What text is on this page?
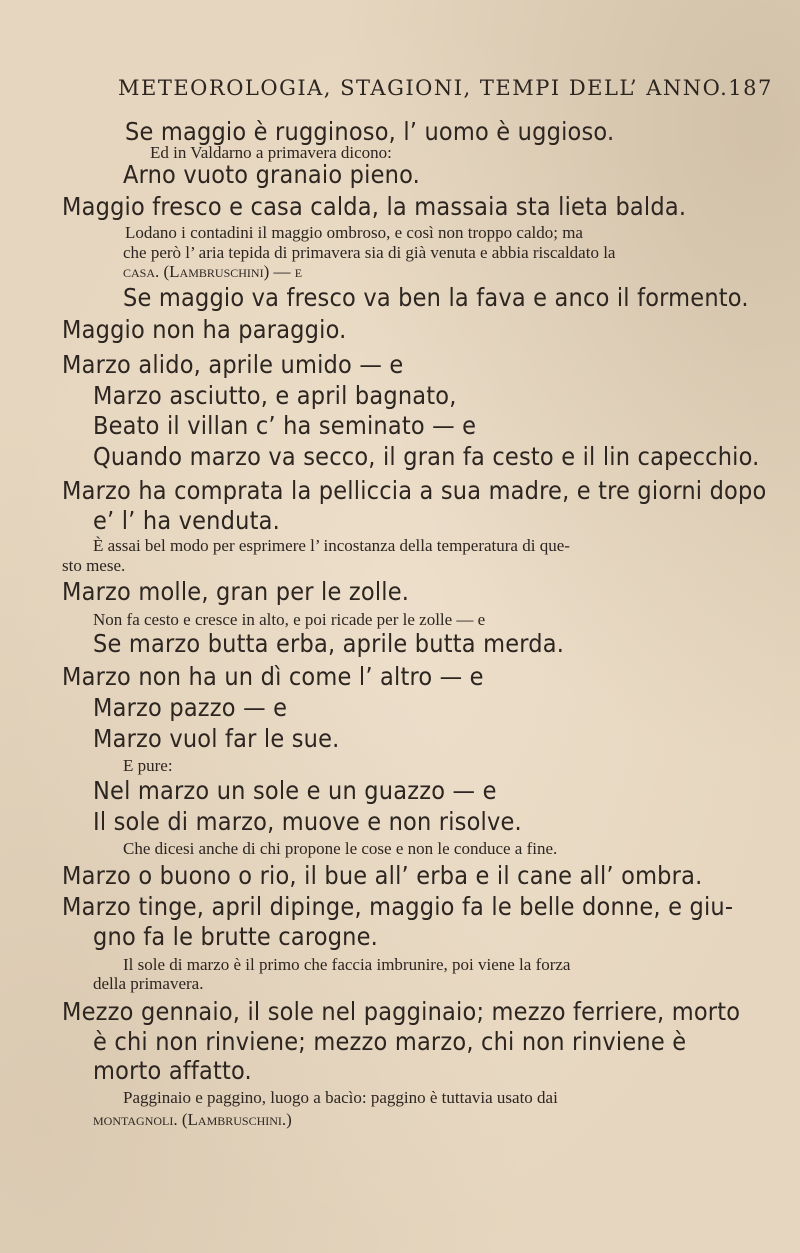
METEOROLOGIA, STAGIONI, TEMPI DELL’ ANNO. 187
Se maggio è rugginoso, l’ uomo è uggioso.
Ed in Valdarno a primavera dicono:
Arno vuoto granaio pieno.
Maggio fresco e casa calda, la massaia sta lieta balda.
Lodano i contadini il maggio ombroso, e così non troppo caldo; ma
che però l’ aria tepida di primavera sia di già venuta e abbia riscaldato la
casa. (Lambruschini) — e
Se maggio va fresco va ben la fava e anco il formento.
Maggio non ha paraggio.
Marzo alido, aprile umido — e
Marzo asciutto, e april bagnato,
Beato il villan c’ ha seminato — e
Quando marzo va secco, il gran fa cesto e il lin capecchio.
Marzo ha comprata la pelliccia a sua madre, e tre giorni dopo
e’ l’ ha venduta.
È assai bel modo per esprimere l’ incostanza della temperatura di que-
sto mese.
Marzo molle, gran per le zolle.
Non fa cesto e cresce in alto, e poi ricade per le zolle — e
Se marzo butta erba, aprile butta merda.
Marzo non ha un dì come l’ altro — e
Marzo pazzo — e
Marzo vuol far le sue.
E pure:
Nel marzo un sole e un guazzo — e
Il sole di marzo, muove e non risolve.
Che dicesi anche di chi propone le cose e non le conduce a fine.
Marzo o buono o rio, il bue all’ erba e il cane all’ ombra.
Marzo tinge, april dipinge, maggio fa le belle donne, e giu-
gno fa le brutte carogne.
Il sole di marzo è il primo che faccia imbrunire, poi viene la forza
della primavera.
Mezzo gennaio, il sole nel pagginaio; mezzo ferriere, morto
è chi non rinviene; mezzo marzo, chi non rinviene è
morto affatto.
Pagginaio e paggino, luogo a bacìo: paggino è tuttavia usato dai
montagnoli. (Lambruschini.)
